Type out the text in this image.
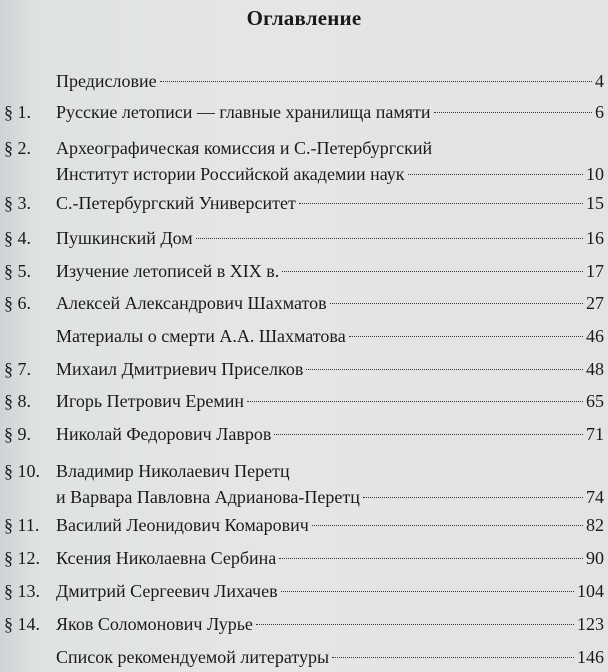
Оглавление
Предисловие	4
§ 1. Русские летописи — главные хранилища памяти	6
§ 2. Археографическая комиссия и С.-Петербургский
Институт истории Российской академии наук	10
§ 3. С.-Петербургский Университет	15
§ 4. Пушкинский Дом	16
§ 5. Изучение летописей в XIX в.	17
§ 6. Алексей Александрович Шахматов	27
Материалы о смерти А.А. Шахматова	46
§ 7. Михаил Дмитриевич Приселков	48
§ 8. Игорь Петрович Еремин	65
§ 9. Николай Федорович Лавров	71
§ 10. Владимир Николаевич Перетц
и Варвара Павловна Адрианова-Перетц	74
§ 11. Василий Леонидович Комарович	82
§ 12. Ксения Николаевна Сербина	90
§ 13. Дмитрий Сергеевич Лихачев	104
§ 14. Яков Соломонович Лурье	123
Список рекомендуемой литературы	146
